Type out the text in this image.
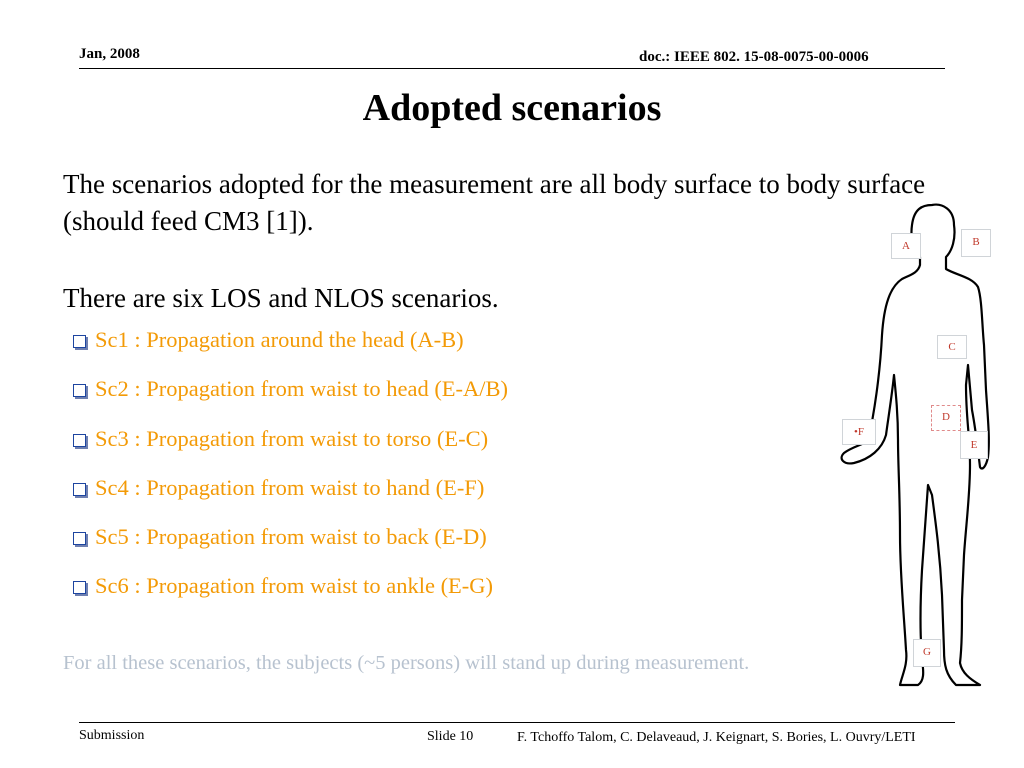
Jan, 2008	doc.: IEEE 802. 15-08-0075-00-0006
Adopted scenarios
The scenarios adopted for the measurement are all body surface to body surface (should feed CM3 [1]).
There are six LOS and NLOS scenarios.
Sc1 : Propagation around the head (A-B)
Sc2 : Propagation from waist to head (E-A/B)
Sc3 : Propagation from waist to torso (E-C)
Sc4 : Propagation from waist to hand (E-F)
Sc5 : Propagation from waist to back (E-D)
Sc6 : Propagation from waist to ankle (E-G)
For all these scenarios, the subjects (~5 persons) will stand up during measurement.
A	B
C
D
•F
E
G
Submission	Slide 10	F. Tchoffo Talom, C. Delaveaud, J. Keignart, S. Bories, L. Ouvry/LETI
